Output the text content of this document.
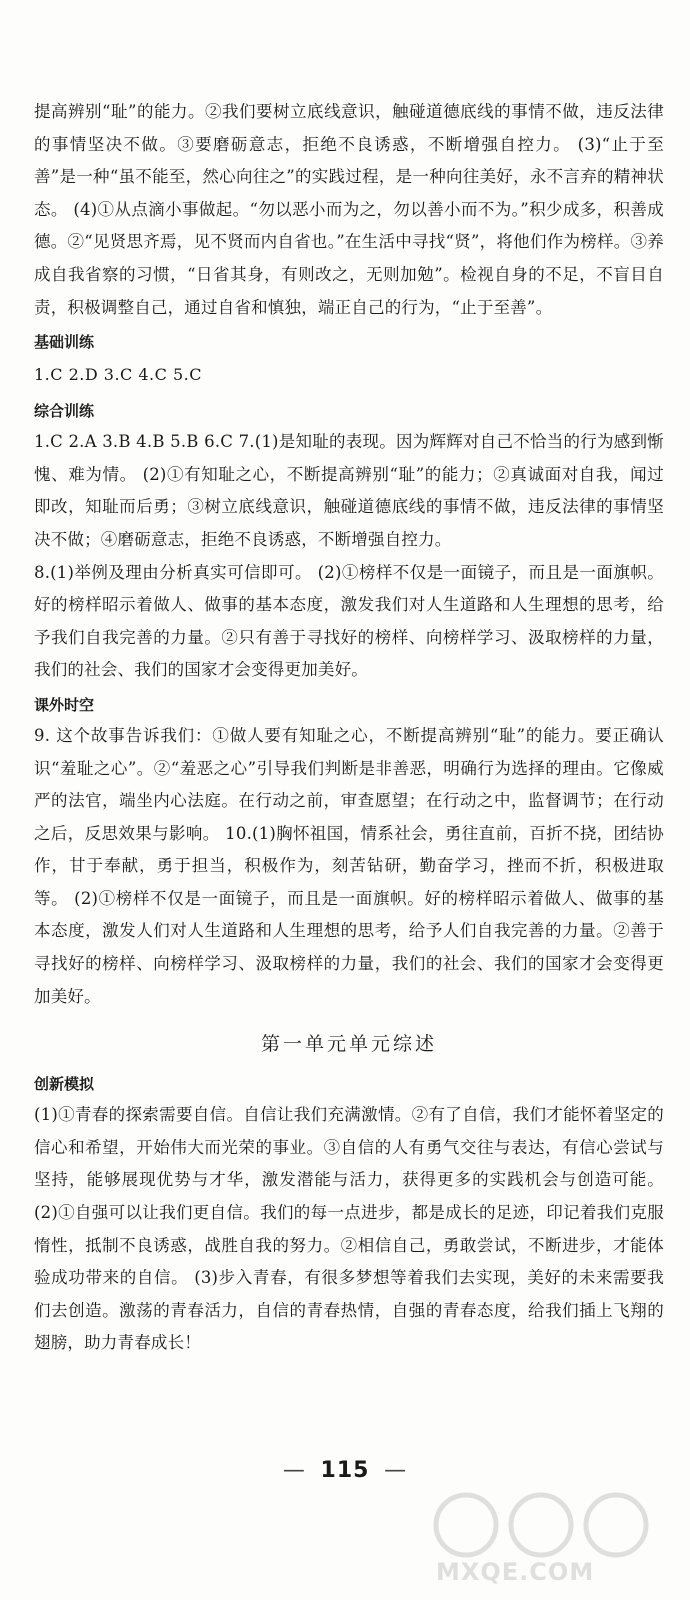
提高辨别“耻”的能力。②我们要树立底线意识，触碰道德底线的事情不做，违反法律的事情坚决不做。③要磨砺意志，拒绝不良诱惑，不断增强自控力。 (3)“止于至善”是一种“虽不能至，然心向往之”的实践过程，是一种向往美好，永不言弃的精神状态。 (4)①从点滴小事做起。“勿以恶小而为之，勿以善小而不为。”积少成多，积善成德。②“见贤思齐焉，见不贤而内自省也。”在生活中寻找“贤”，将他们作为榜样。③养成自我省察的习惯，“日省其身，有则改之，无则加勉”。检视自身的不足，不盲目自责，积极调整自己，通过自省和慎独，端正自己的行为，“止于至善”。

基础训练
1.C 2.D 3.C 4.C 5.C
综合训练

1.C 2.A 3.B 4.B 5.B 6.C 7.(1)是知耻的表现。因为辉辉对自己不恰当的行为感到惭愧、难为情。 (2)①有知耻之心，不断提高辨别“耻”的能力；②真诚面对自我，闻过即改，知耻而后勇；③树立底线意识，触碰道德底线的事情不做，违反法律的事情坚决不做；④磨砺意志，拒绝不良诱惑，不断增强自控力。

8.(1)举例及理由分析真实可信即可。 (2)①榜样不仅是一面镜子，而且是一面旗帜。好的榜样昭示着做人、做事的基本态度，激发我们对人生道路和人生理想的思考，给予我们自我完善的力量。②只有善于寻找好的榜样、向榜样学习、汲取榜样的力量，我们的社会、我们的国家才会变得更加美好。

课外时空

9. 这个故事告诉我们：①做人要有知耻之心，不断提高辨别“耻”的能力。要正确认识“羞耻之心”。②“羞恶之心”引导我们判断是非善恶，明确行为选择的理由。它像威严的法官，端坐内心法庭。在行动之前，审查愿望；在行动之中，监督调节；在行动之后，反思效果与影响。 10.(1)胸怀祖国，情系社会，勇往直前，百折不挠，团结协作，甘于奉献，勇于担当，积极作为，刻苦钻研，勤奋学习，挫而不折，积极进取等。 (2)①榜样不仅是一面镜子，而且是一面旗帜。好的榜样昭示着做人、做事的基本态度，激发人们对人生道路和人生理想的思考，给予人们自我完善的力量。②善于寻找好的榜样、向榜样学习、汲取榜样的力量，我们的社会、我们的国家才会变得更加美好。

第一单元单元综述
创新模拟

(1)①青春的探索需要自信。自信让我们充满激情。②有了自信，我们才能怀着坚定的信心和希望，开始伟大而光荣的事业。③自信的人有勇气交往与表达，有信心尝试与坚持，能够展现优势与才华，激发潜能与活力，获得更多的实践机会与创造可能。 (2)①自强可以让我们更自信。我们的每一点进步，都是成长的足迹，印记着我们克服惰性，抵制不良诱惑，战胜自我的努力。②相信自己，勇敢尝试，不断进步，才能体验成功带来的自信。 (3)步入青春，有很多梦想等着我们去实现，美好的未来需要我们去创造。激荡的青春活力，自信的青春热情，自强的青春态度，给我们插上飞翔的翅膀，助力青春成长！

— 115 —
MXQE.COM
